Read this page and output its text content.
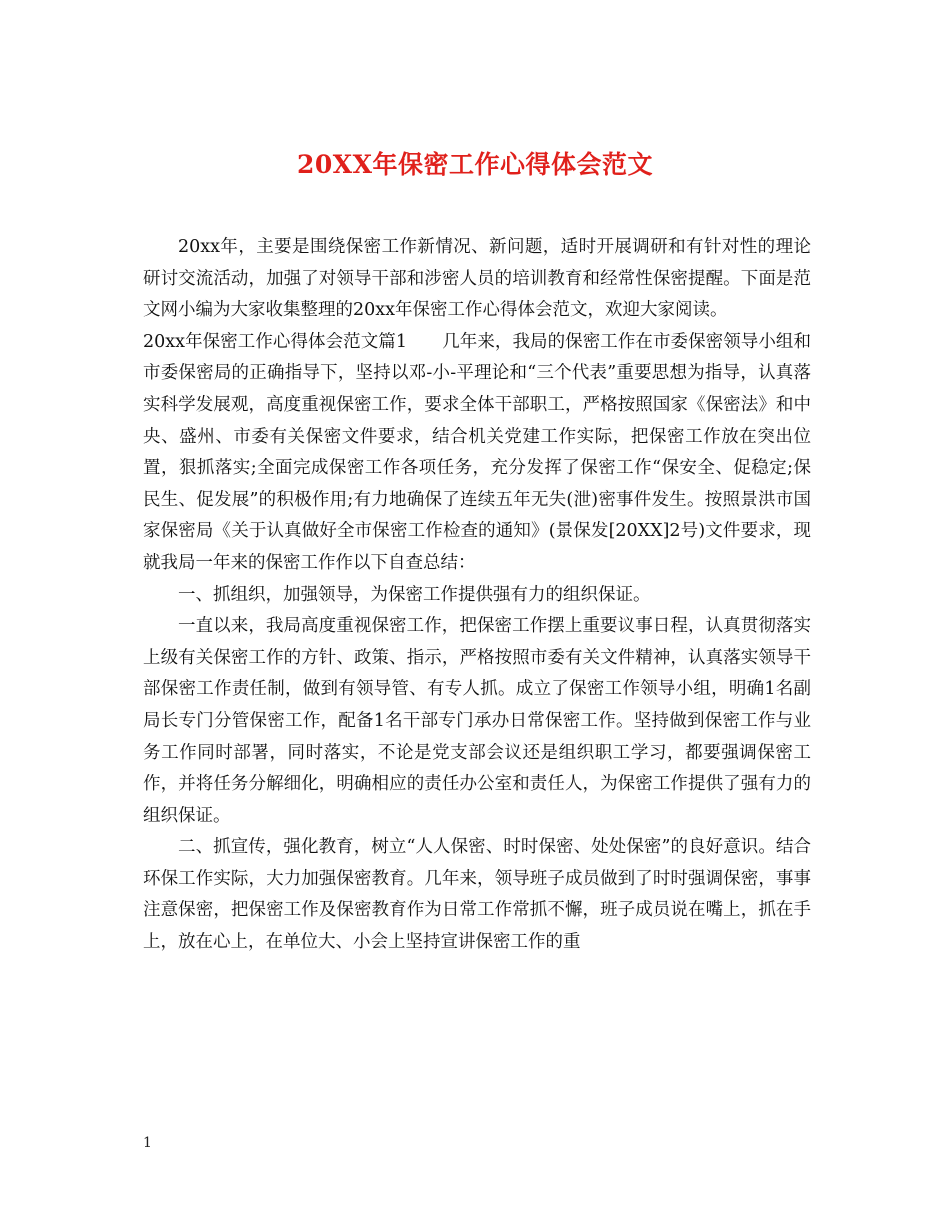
20XX年保密工作心得体会范文

20xx年，主要是围绕保密工作新情况、新问题，适时开展调研和有针对性的理论研讨交流活动，加强了对领导干部和涉密人员的培训教育和经常性保密提醒。下面是范文网小编为大家收集整理的20xx年保密工作心得体会范文，欢迎大家阅读。

20xx年保密工作心得体会范文篇1　　几年来，我局的保密工作在市委保密领导小组和市委保密局的正确指导下，坚持以邓-小-平理论和“三个代表”重要思想为指导，认真落实科学发展观，高度重视保密工作，要求全体干部职工，严格按照国家《保密法》和中央、盛州、市委有关保密文件要求，结合机关党建工作实际，把保密工作放在突出位置，狠抓落实;全面完成保密工作各项任务，充分发挥了保密工作“保安全、促稳定;保民生、促发展”的积极作用;有力地确保了连续五年无失(泄)密事件发生。按照景洪市国家保密局《关于认真做好全市保密工作检查的通知》(景保发[20XX]2号)文件要求，现就我局一年来的保密工作作以下自查总结：

一、抓组织，加强领导，为保密工作提供强有力的组织保证。

一直以来，我局高度重视保密工作，把保密工作摆上重要议事日程，认真贯彻落实上级有关保密工作的方针、政策、指示，严格按照市委有关文件精神，认真落实领导干部保密工作责任制，做到有领导管、有专人抓。成立了保密工作领导小组，明确1名副局长专门分管保密工作，配备1名干部专门承办日常保密工作。坚持做到保密工作与业务工作同时部署，同时落实，不论是党支部会议还是组织职工学习，都要强调保密工作，并将任务分解细化，明确相应的责任办公室和责任人，为保密工作提供了强有力的组织保证。

二、抓宣传，强化教育，树立“人人保密、时时保密、处处保密”的良好意识。结合环保工作实际，大力加强保密教育。几年来，领导班子成员做到了时时强调保密，事事注意保密，把保密工作及保密教育作为日常工作常抓不懈，班子成员说在嘴上，抓在手上，放在心上，在单位大、小会上坚持宣讲保密工作的重

1
